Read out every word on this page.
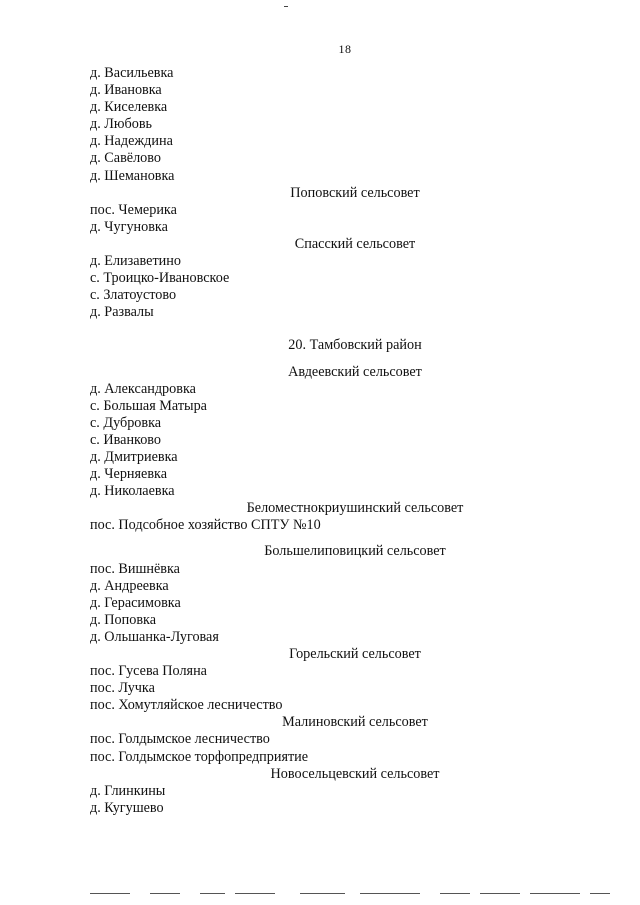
18
д. Васильевка
д. Ивановка
д. Киселевка
д. Любовь
д. Надеждина
д. Савёлово
д. Шемановка
Поповский сельсовет
пос. Чемерика
д. Чугуновка
Спасский сельсовет
д. Елизаветино
с. Троицко-Ивановское
с. Златоустово
д. Развалы
20. Тамбовский район
Авдеевский сельсовет
д. Александровка
с. Большая Матыра
с. Дубровка
с. Иванково
д. Дмитриевка
д. Черняевка
д. Николаевка
Беломестнокриушинский сельсовет
пос. Подсобное хозяйство СПТУ №10
Большелиповицкий сельсовет
пос. Вишнёвка
д. Андреевка
д. Герасимовка
д. Поповка
д. Ольшанка-Луговая
Горельский сельсовет
пос. Гусева Поляна
пос. Лучка
пос. Хомутляйское лесничество
Малиновский сельсовет
пос. Голдымское лесничество
пос. Голдымское торфопредприятие
Новосельцевский сельсовет
д. Глинкины
д. Кугушево
